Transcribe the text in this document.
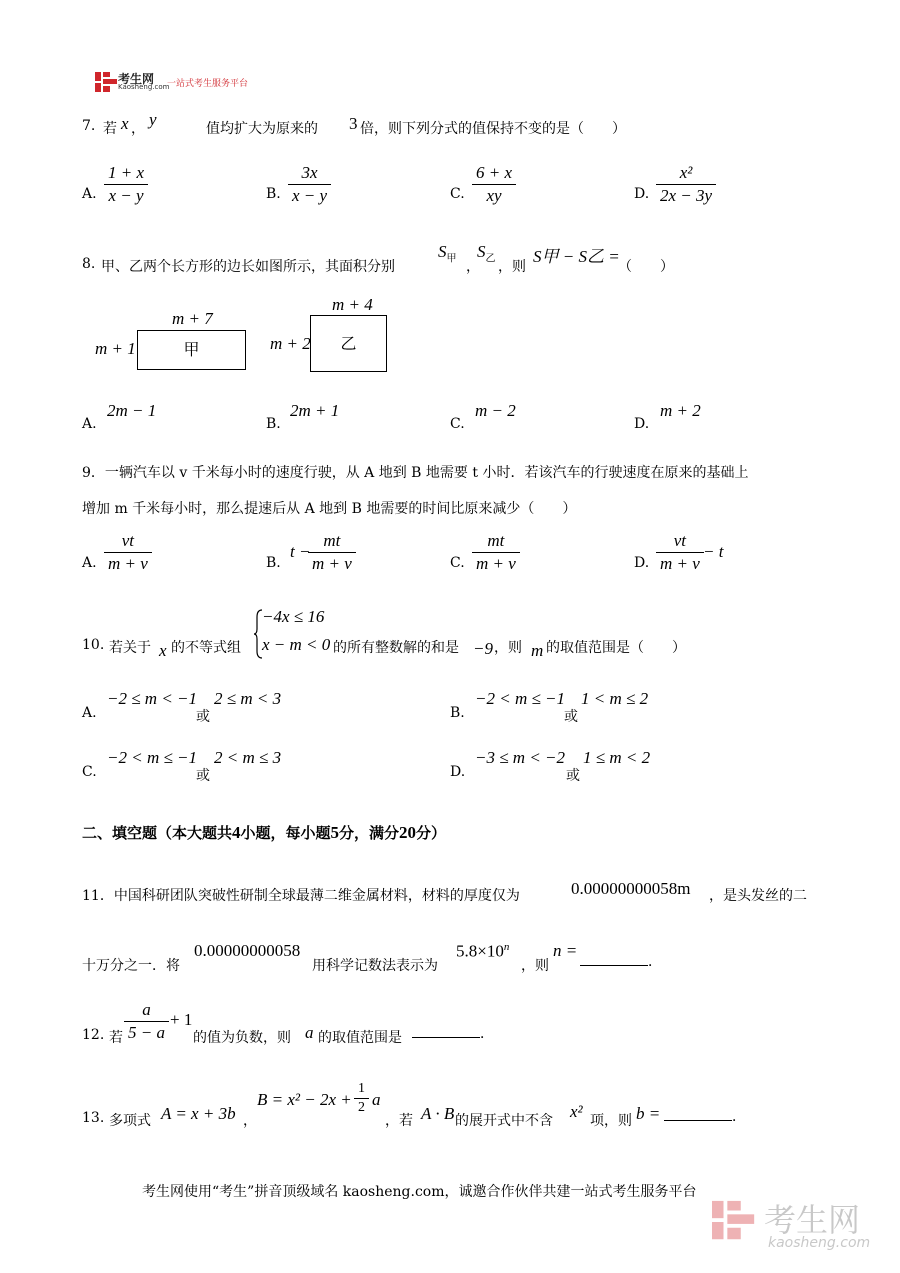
考生网
Kaosheng.com
一站式考生服务平台
7. 若 x ， y	值均扩大为原来的 3 倍，则下列分式的值保持不变的是（　　）
A. $\frac{1 + x}{x - y}$	B. $\frac{3x}{x - y}$	C. $\frac{6 + x}{xy}$	D. $\frac{\text{x²}}{2x - 3y}$
8. 甲、乙两个长方形的边长如图所示，其面积分别
$S_甲$
，
$S_乙$
，则
S甲 − S乙 =
（　　）
m + 7
m + 1	甲
m + 4
m + 2	乙
A.
2m − 1
B.
2m + 1
C.
m − 2
D.
m + 2
9．一辆汽车以 v 千米每小时的速度行驶，从 A 地到 B 地需要 t 小时．若该汽车的行驶速度在原来的基础上
增加 m 千米每小时，那么提速后从 A 地到 B 地需要的时间比原来减少（　　）
A. $\frac{vt}{m + v}$	B.
t −
$\frac{mt}{m + v}$	C. $\frac{mt}{m + v}$	D. $\frac{vt}{m + v} - t$
10. 若关于 x 的不等式组
−4x ≤ 16
x − m < 0 的所有整数解的和是 −9 ，则 m 的取值范围是（　　）
A.
−2 ≤ m < −1
或
2 ≤ m < 3
B.
−2 < m ≤ −1
或
1 < m ≤ 2
C.
−2 < m ≤ −1
或
2 < m ≤ 3
D.
−3 ≤ m < −2
或
1 ≤ m < 2
二、填空题（本大题共4小题，每小题5分，满分20分）
11．中国科研团队突破性研制全球最薄二维金属材料，材料的厚度仅为	0.00000000058m ，是头发丝的二
十万分之一．将
0.00000000058
用科学记数法表示为
$5.8\times 10^n$
，则
n =
．
12. 若 $\frac{a}{5 - a} + 1$
的值为负数，则 a 的取值范围是	．
13. 多项式 A = x + 3b ，
$B = x^2 - 2x + \frac{1}{2}$ a
，若 A · B 的展开式中不含 x² 项，则 b =	．
考生网使用“考生”拼音顶级域名 kaosheng.com，诚邀合作伙伴共建一站式考生服务平台
考生网
kaosheng.com
